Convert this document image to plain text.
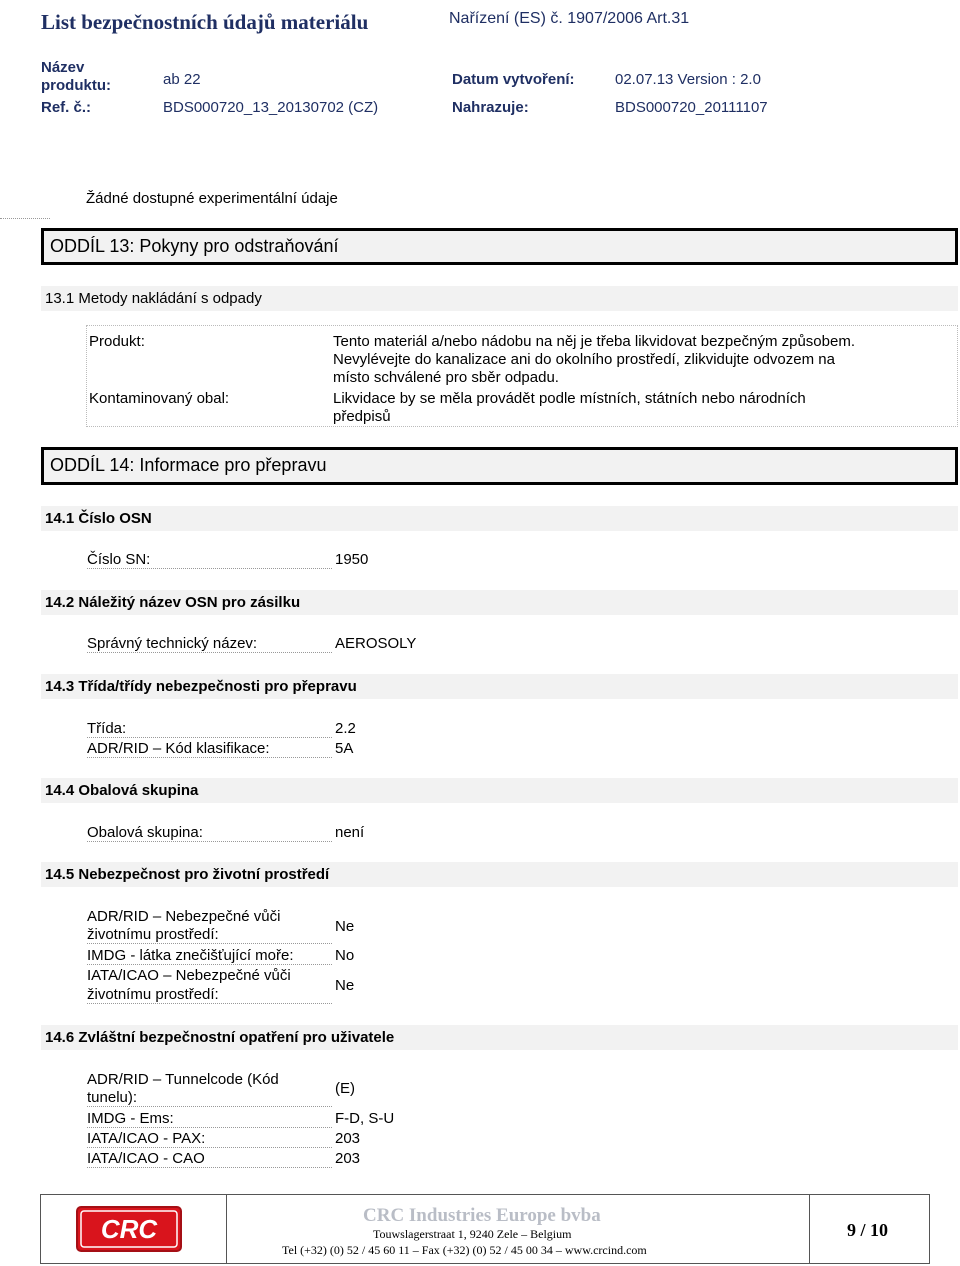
List bezpečnostních údajů materiálu	Nařízení (ES) č. 1907/2006 Art.31
Název
produktu:	ab 22	Datum vytvoření:	02.07.13 Version : 2.0
Ref. č.:	BDS000720_13_20130702 (CZ)	Nahrazuje:	BDS000720_20111107
Žádné dostupné experimentální údaje
ODDÍL 13: Pokyny pro odstraňování
13.1 Metody nakládání s odpady
Produkt:	Tento materiál a/nebo nádobu na něj je třeba likvidovat bezpečným způsobem.
Nevylévejte do kanalizace ani do okolního prostředí, zlikvidujte odvozem na
místo schválené pro sběr odpadu.
Kontaminovaný obal:	Likvidace by se měla provádět podle místních, státních nebo národních
předpisů
ODDÍL 14: Informace pro přepravu
14.1 Číslo OSN
Číslo SN:	1950
14.2 Náležitý název OSN pro zásilku
Správný technický název:	AEROSOLY
14.3 Třída/třídy nebezpečnosti pro přepravu
Třída:	2.2
ADR/RID – Kód klasifikace:	5A
14.4 Obalová skupina
Obalová skupina:	není
14.5 Nebezpečnost pro životní prostředí
ADR/RID – Nebezpečné vůči
životnímu prostředí:	Ne
IMDG - látka znečišťující moře:	No
IATA/ICAO – Nebezpečné vůči
životnímu prostředí:
Ne
14.6 Zvláštní bezpečnostní opatření pro uživatele
ADR/RID – Tunnelcode (Kód
tunelu):
(E)
IMDG - Ems:	F-D, S-U
IATA/ICAO - PAX:	203
IATA/ICAO - CAO	203
CRC	CRC Industries Europe bvba
Touwslagerstraat 1, 9240 Zele – Belgium
Tel (+32) (0) 52 / 45 60 11 – Fax (+32) (0) 52 / 45 00 34 – www.crcind.com
9 / 10
